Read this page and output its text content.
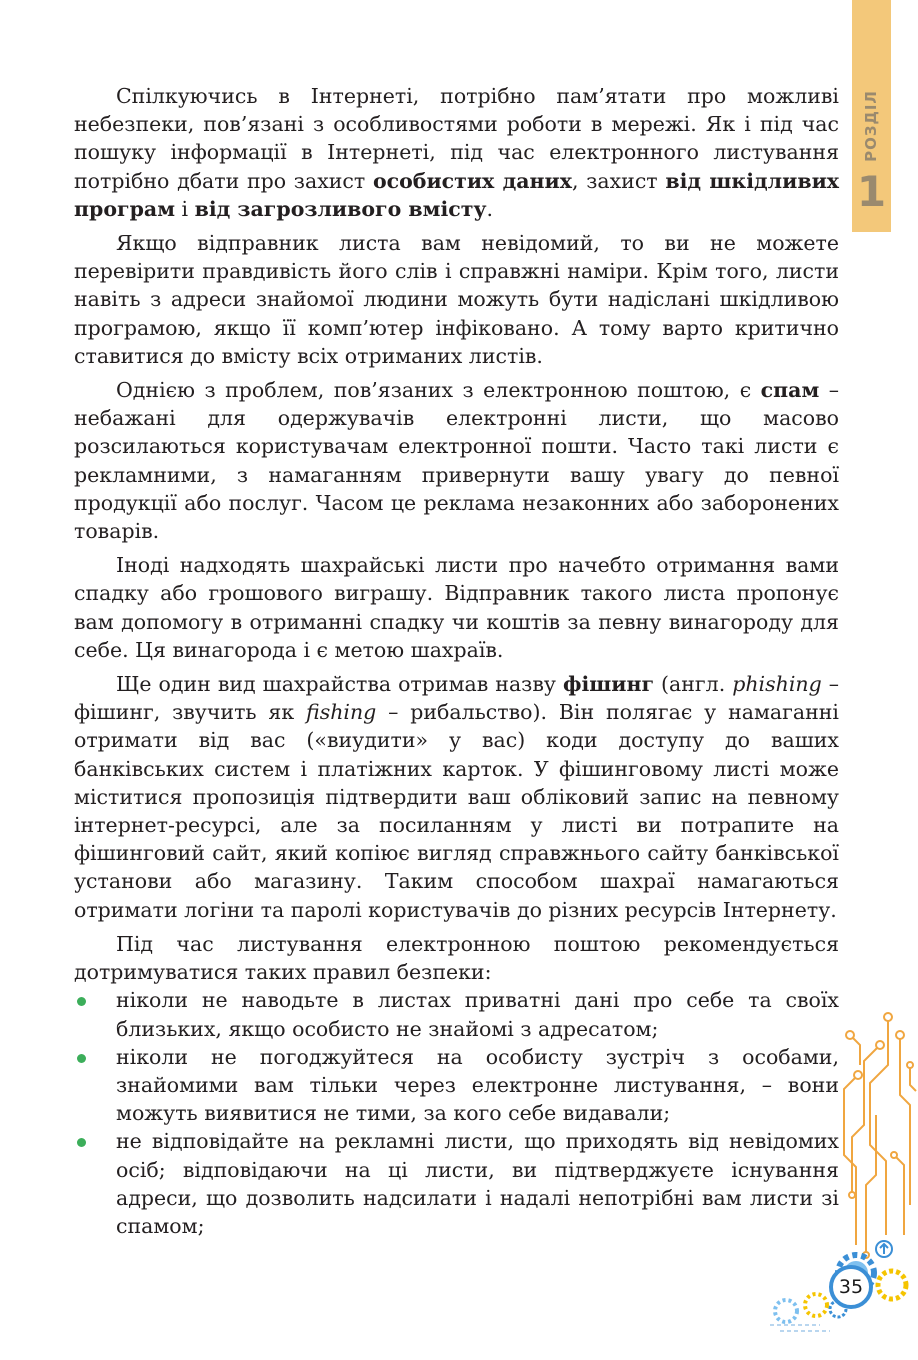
РОЗДІЛ
1

Спілкуючись в Інтернеті, потрібно пам’ятати про можливі небезпеки, пов’язані з особливостями роботи в мережі. Як і під час пошуку інформації в Інтернеті, під час електронного листування потрібно дбати про захист особистих даних, захист від шкідливих програм і від загрозливого вмісту.

Якщо відправник листа вам невідомий, то ви не можете перевірити правдивість його слів і справжні наміри. Крім того, листи навіть з адреси знайомої людини можуть бути надіслані шкідливою програмою, якщо її комп’ютер інфіковано. А тому варто критично ставитися до вмісту всіх отриманих листів.

Однією з проблем, пов’язаних з електронною поштою, є спам – небажані для одержувачів електронні листи, що масово розсилаються користувачам електронної пошти. Часто такі листи є рекламними, з намаганням привернути вашу увагу до певної продукції або послуг. Часом це реклама незаконних або заборонених товарів.

Іноді надходять шахрайські листи про начебто отримання вами спадку або грошового виграшу. Відправник такого листа пропонує вам допомогу в отриманні спадку чи коштів за певну винагороду для себе. Ця винагорода і є метою шахраїв.

Ще один вид шахрайства отримав назву фішинг (англ. phishing – фішинг, звучить як fishing – рибальство). Він полягає у намаганні отримати від вас («виудити» у вас) коди доступу до ваших банківських систем і платіжних карток. У фішинговому листі може міститися пропозиція підтвердити ваш обліковий запис на певному інтернет-ресурсі, але за посиланням у листі ви потрапите на фішинговий сайт, який копіює вигляд справжнього сайту банківської установи або магазину. Таким способом шахраї намагаються отримати логіни та паролі користувачів до різних ресурсів Інтернету.

Під час листування електронною поштою рекомендується дотримуватися таких правил безпеки:

ніколи не наводьте в листах приватні дані про себе та своїх близьких, якщо особисто не знайомі з адресатом;
ніколи не погоджуйтеся на особисту зустріч з особами, знайомими вам тільки через електронне листування, – вони можуть виявитися не тими, за кого себе видавали;
не відповідайте на рекламні листи, що приходять від невідомих осіб; відповідаючи на ці листи, ви підтверджуєте існування адреси, що дозволить надсилати і надалі непотрібні вам листи зі спамом;
35
